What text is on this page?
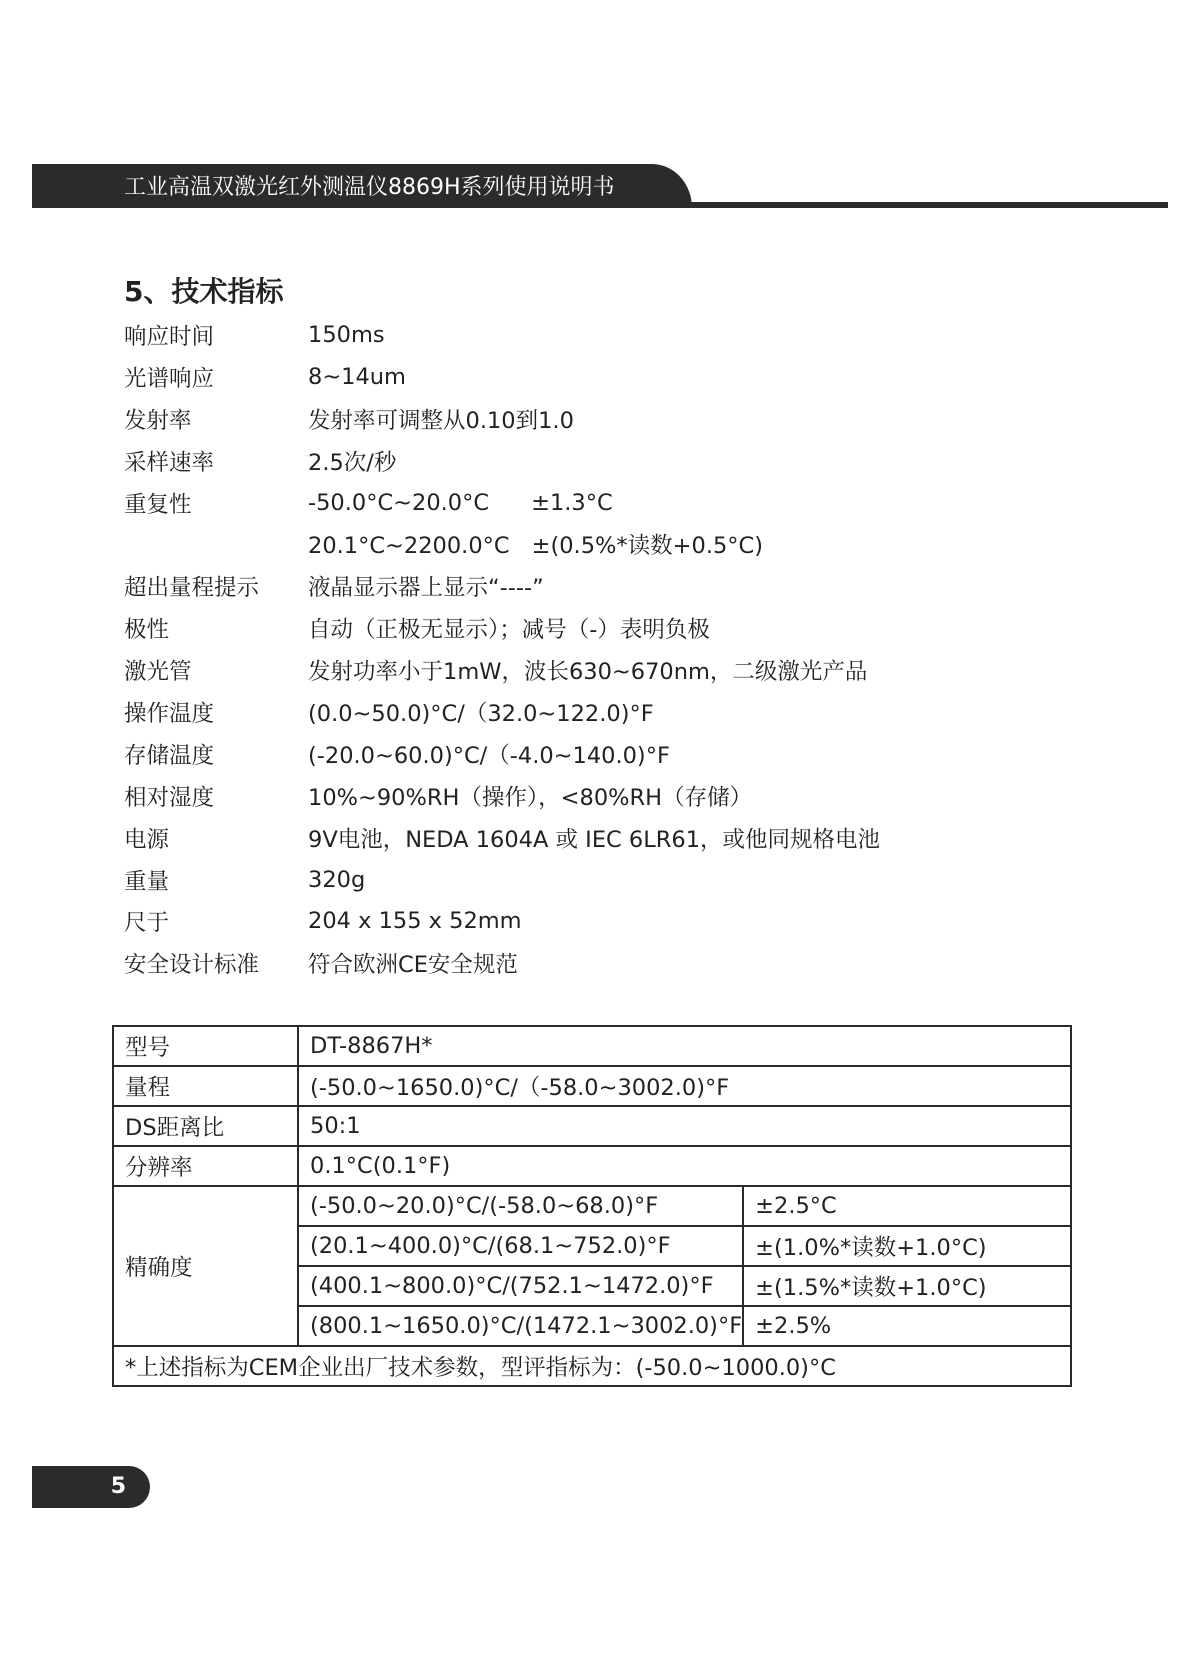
工业高温双激光红外测温仪8869H系列使用说明书
5、技术指标
响应时间	150ms
光谱响应	8~14um
发射率	发射率可调整从0.10到1.0
采样速率	2.5次/秒
重复性	-50.0°C~20.0°C ±1.3°C
20.1°C~2200.0°C ±(0.5%*读数+0.5°C)
超出量程提示	液晶显示器上显示“----”
极性	自动（正极无显示）；减号（-）表明负极
激光管	发射功率小于1mW，波长630~670nm，二级激光产品
操作温度	(0.0~50.0)°C/（32.0~122.0)°F
存储温度	(-20.0~60.0)°C/（-4.0~140.0)°F
相对湿度	10%~90%RH（操作），<80%RH（存储）
电源	9V电池，NEDA 1604A 或 IEC 6LR61，或他同规格电池
重量	320g
尺于	204 x 155 x 52mm
安全设计标准	符合欧洲CE安全规范
型号	DT-8867H*	
量程	(-50.0~1650.0)°C/（-58.0~3002.0)°F	
DS距离比	50:1	
分辨率	0.1°C(0.1°F)	
精确度	(-50.0~20.0)°C/(-58.0~68.0)°F	±2.5°C
	(20.1~400.0)°C/(68.1~752.0)°F	±(1.0%*读数+1.0°C)
	(400.1~800.0)°C/(752.1~1472.0)°F	±(1.5%*读数+1.0°C)
	(800.1~1650.0)°C/(1472.1~3002.0)°F	±2.5%
*上述指标为CEM企业出厂技术参数，型评指标为：(-50.0~1000.0)°C		
5
